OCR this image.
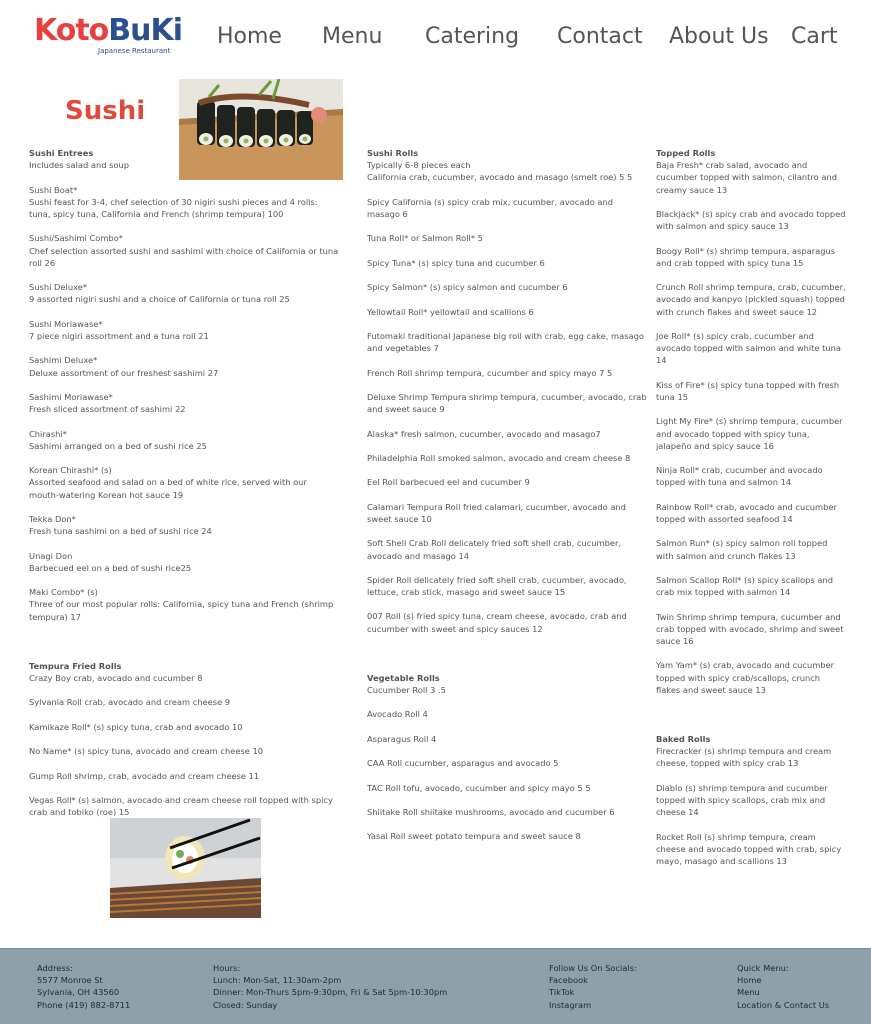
KotoBuKi
Japanese Restaurant
Home Menu Catering Contact About Us Cart
Sushi
Sushi Entrees
Includes salad and soup
Sushi Boat*
Sushi feast for 3-4, chef selection of 30 nigiri sushi pieces and 4 rolls: tuna, spicy tuna, California and French (shrimp tempura) 100
Sushi/Sashimi Combo*
Chef selection assorted sushi and sashimi with choice of California or tuna roll 26
Sushi Deluxe*
9 assorted nigiri sushi and a choice of California or tuna roll 25
Sushi Moriawase*
7 piece nigiri assortment and a tuna roll 21
Sashimi Deluxe*
Deluxe assortment of our freshest sashimi 27
Sashimi Moriawase*
Fresh sliced assortment of sashimi 22
Chirashi*
Sashimi arranged on a bed of sushi rice 25
Korean Chirashi* (s)
Assorted seafood and salad on a bed of white rice, served with our mouth-watering Korean hot sauce 19
Tekka Don*
Fresh tuna sashimi on a bed of sushi rice 24
Unagi Don
Barbecued eel on a bed of sushi rice25
Maki Combo* (s)
Three of our most popular rolls: California, spicy tuna and French (shrimp tempura) 17
Tempura Fried Rolls
Crazy Boy crab, avocado and cucumber 8
Sylvania Roll crab, avocado and cream cheese 9
Kamikaze Roll* (s) spicy tuna, crab and avocado 10
No Name* (s) spicy tuna, avocado and cream cheese 10
Gump Roll shrimp, crab, avocado and cream cheese 11
Vegas Roll* (s) salmon, avocado and cream cheese roll topped with spicy crab and tobiko (roe) 15
Sushi Rolls
Typically 6-8 pieces each
California crab, cucumber, avocado and masago (smelt roe) 5 5
Spicy California (s) spicy crab mix, cucumber, avocado and masago 6
Tuna Roll* or Salmon Roll* 5
Spicy Tuna* (s) spicy tuna and cucumber 6
Spicy Salmon* (s) spicy salmon and cucumber 6
Yellowtail Roll* yellowtail and scallions 6
Futomaki traditional Japanese big roll with crab, egg cake, masago and vegetables 7
French Roll shrimp tempura, cucumber and spicy mayo 7 5
Deluxe Shrimp Tempura shrimp tempura, cucumber, avocado, crab and sweet sauce 9
Alaska* fresh salmon, cucumber, avocado and masago7
Philadelphia Roll smoked salmon, avocado and cream cheese 8
Eel Roll barbecued eel and cucumber 9
Calamari Tempura Roll fried calamari, cucumber, avocado and sweet sauce 10
Soft Shell Crab Roll delicately fried soft shell crab, cucumber, avocado and masago 14
Spider Roll delicately fried soft shell crab, cucumber, avocado, lettuce, crab stick, masago and sweet sauce 15
007 Roll (s) fried spicy tuna, cream cheese, avocado, crab and cucumber with sweet and spicy sauces 12
Vegetable Rolls
Cucumber Roll 3 .5
Avocado Roll 4
Asparagus Roll 4
CAA Roll cucumber, asparagus and avocado 5
TAC Roll tofu, avocado, cucumber and spicy mayo 5 5
Shiitake Roll shiitake mushrooms, avocado and cucumber 6
Yasai Roll sweet potato tempura and sweet sauce 8
Topped Rolls
Baja Fresh* crab salad, avocado and cucumber topped with salmon, cilantro and creamy sauce 13
Blackjack* (s) spicy crab and avocado topped with salmon and spicy sauce 13
Boogy Roll* (s) shrimp tempura, asparagus and crab topped with spicy tuna 15
Crunch Roll shrimp tempura, crab, cucumber, avocado and kanpyo (pickled squash) topped with crunch flakes and sweet sauce 12
Joe Roll* (s) spicy crab, cucumber and avocado topped with salmon and white tuna 14
Kiss of Fire* (s) spicy tuna topped with fresh tuna 15
Light My Fire* (s) shrimp tempura, cucumber and avocado topped with spicy tuna, jalapeño and spicy sauce 16
Ninja Roll* crab, cucumber and avocado topped with tuna and salmon 14
Rainbow Roll* crab, avocado and cucumber topped with assorted seafood 14
Salmon Run* (s) spicy salmon roll topped with salmon and crunch flakes 13
Salmon Scallop Roll* (s) spicy scallops and crab mix topped with salmon 14
Twin Shrimp shrimp tempura, cucumber and crab topped with avocado, shrimp and sweet sauce 16
Yam Yam* (s) crab, avocado and cucumber topped with spicy crab/scallops, crunch flakes and sweet sauce 13
Baked Rolls
Firecracker (s) shrimp tempura and cream cheese, topped with spicy crab 13
Diablo (s) shrimp tempura and cucumber topped with spicy scallops, crab mix and cheese 14
Rocket Roll (s) shrimp tempura, cream cheese and avocado topped with crab, spicy mayo, masago and scallions 13
Address:
5577 Monroe St
Sylvania, OH 43560
Phone (419) 882-8711
Hours:
Lunch: Mon-Sat, 11:30am-2pm
Dinner: Mon-Thurs 5pm-9:30pm, Fri & Sat 5pm-10:30pm
Closed: Sunday
Follow Us On Socials:
Facebook
TikTok
Instagram
Quick Menu:
Home
Menu
Location & Contact Us
